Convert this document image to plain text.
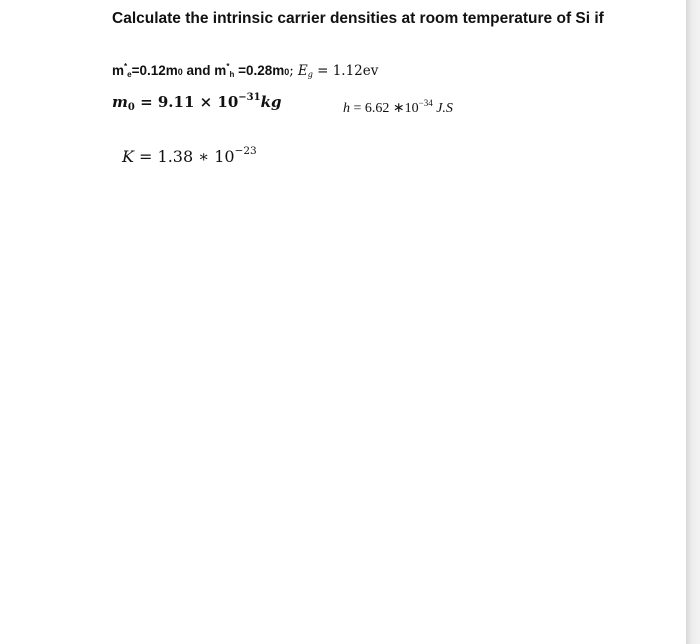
Calculate the intrinsic carrier densities at room temperature of Si if
$m^*_e=0.12m0$ and $m^*_h =0.28m0$; $E_g = 1.12ev$
$m_0 = 9.11 \times 10^{-31}kg$	h = 6.62 $∗10^{-34}$ J.S
K = 1.38 ∗ $10^{-23}$
